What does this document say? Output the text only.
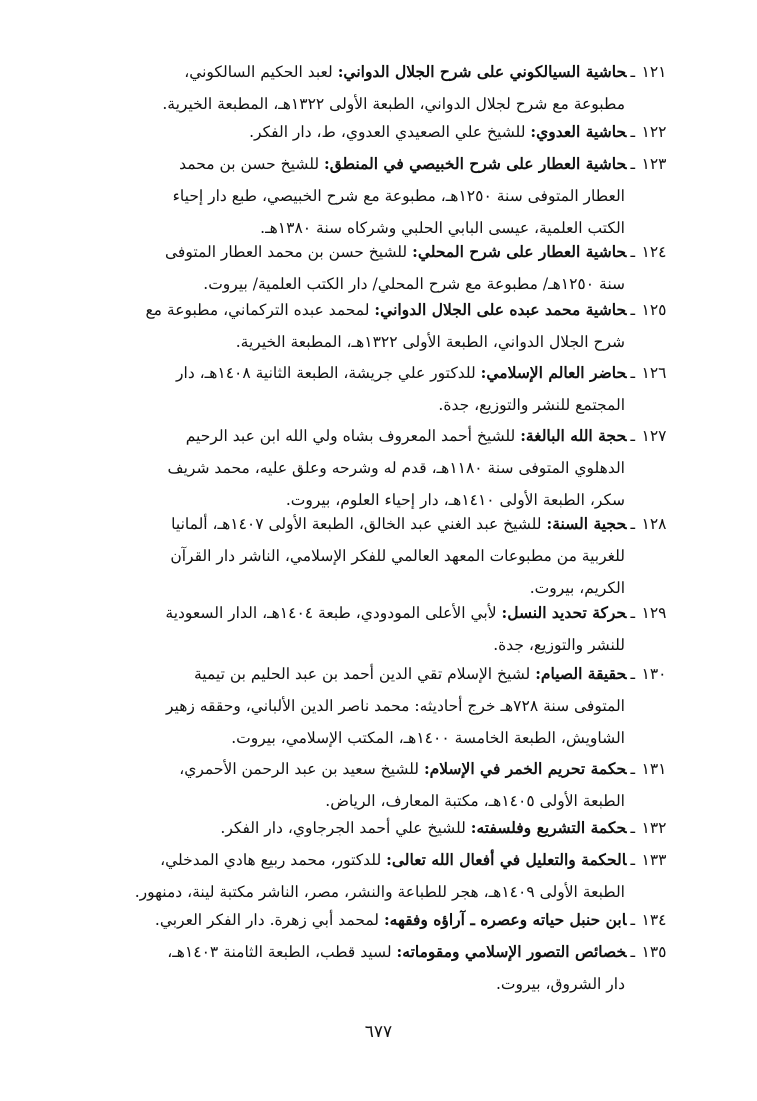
١٢١ـحاشية السيالكوني على شرح الجلال الدواني: لعبد الحكيم السالكوني،
مطبوعة مع شرح لجلال الدواني، الطبعة الأولى ١٣٢٢هـ، المطبعة الخيرية.
١٢٢ـحاشية العدوي: للشيخ علي الصعيدي العدوي، ط، دار الفكر.
١٢٣ـحاشية العطار على شرح الخبيصي في المنطق: للشيخ حسن بن محمد
العطار المتوفى سنة ١٢٥٠هـ، مطبوعة مع شرح الخبيصي، طبع دار إحياء
الكتب العلمية، عيسى البابي الحلبي وشركاه سنة ١٣٨٠هـ.
١٢٤ـحاشية العطار على شرح المحلي: للشيخ حسن بن محمد العطار المتوفى
سنة ١٢٥٠هـ/ مطبوعة مع شرح المحلي/ دار الكتب العلمية/ بيروت.
١٢٥ـحاشية محمد عبده على الجلال الدواني: لمحمد عبده التركماني، مطبوعة مع
شرح الجلال الدواني، الطبعة الأولى ١٣٢٢هـ، المطبعة الخيرية.
١٢٦ـحاضر العالم الإسلامي: للدكتور علي جريشة، الطبعة الثانية ١٤٠٨هـ، دار
المجتمع للنشر والتوزيع، جدة.
١٢٧ـحجة الله البالغة: للشيخ أحمد المعروف بشاه ولي الله ابن عبد الرحيم
الدهلوي المتوفى سنة ١١٨٠هـ، قدم له وشرحه وعلق عليه، محمد شريف
سكر، الطبعة الأولى ١٤١٠هـ، دار إحياء العلوم، بيروت.
١٢٨ـحجية السنة: للشيخ عبد الغني عبد الخالق، الطبعة الأولى ١٤٠٧هـ، ألمانيا
للغربية من مطبوعات المعهد العالمي للفكر الإسلامي، الناشر دار القرآن
الكريم، بيروت.
١٢٩ـحركة تحديد النسل: لأبي الأعلى المودودي، طبعة ١٤٠٤هـ، الدار السعودية
للنشر والتوزيع، جدة.
١٣٠ـحقيقة الصيام: لشيخ الإسلام تقي الدين أحمد بن عبد الحليم بن تيمية
المتوفى سنة ٧٢٨هـ خرج أحاديثه: محمد ناصر الدين الألباني، وحققه زهير
الشاويش، الطبعة الخامسة ١٤٠٠هـ، المكتب الإسلامي، بيروت.
١٣١ـحكمة تحريم الخمر في الإسلام: للشيخ سعيد بن عبد الرحمن الأحمري،
الطبعة الأولى ١٤٠٥هـ، مكتبة المعارف، الرياض.
١٣٢ـحكمة التشريع وفلسفته: للشيخ علي أحمد الجرجاوي، دار الفكر.
١٣٣ـالحكمة والتعليل في أفعال الله تعالى: للدكتور، محمد ربيع هادي المدخلي،
الطبعة الأولى ١٤٠٩هـ، هجر للطباعة والنشر، مصر، الناشر مكتبة لينة، دمنهور.
١٣٤ـابن حنبل حياته وعصره ـ آراؤه وفقهه: لمحمد أبي زهرة. دار الفكر العربي.
١٣٥ـخصائص التصور الإسلامي ومقوماته: لسيد قطب، الطبعة الثامنة ١٤٠٣هـ،
دار الشروق، بيروت.
٦٧٧
